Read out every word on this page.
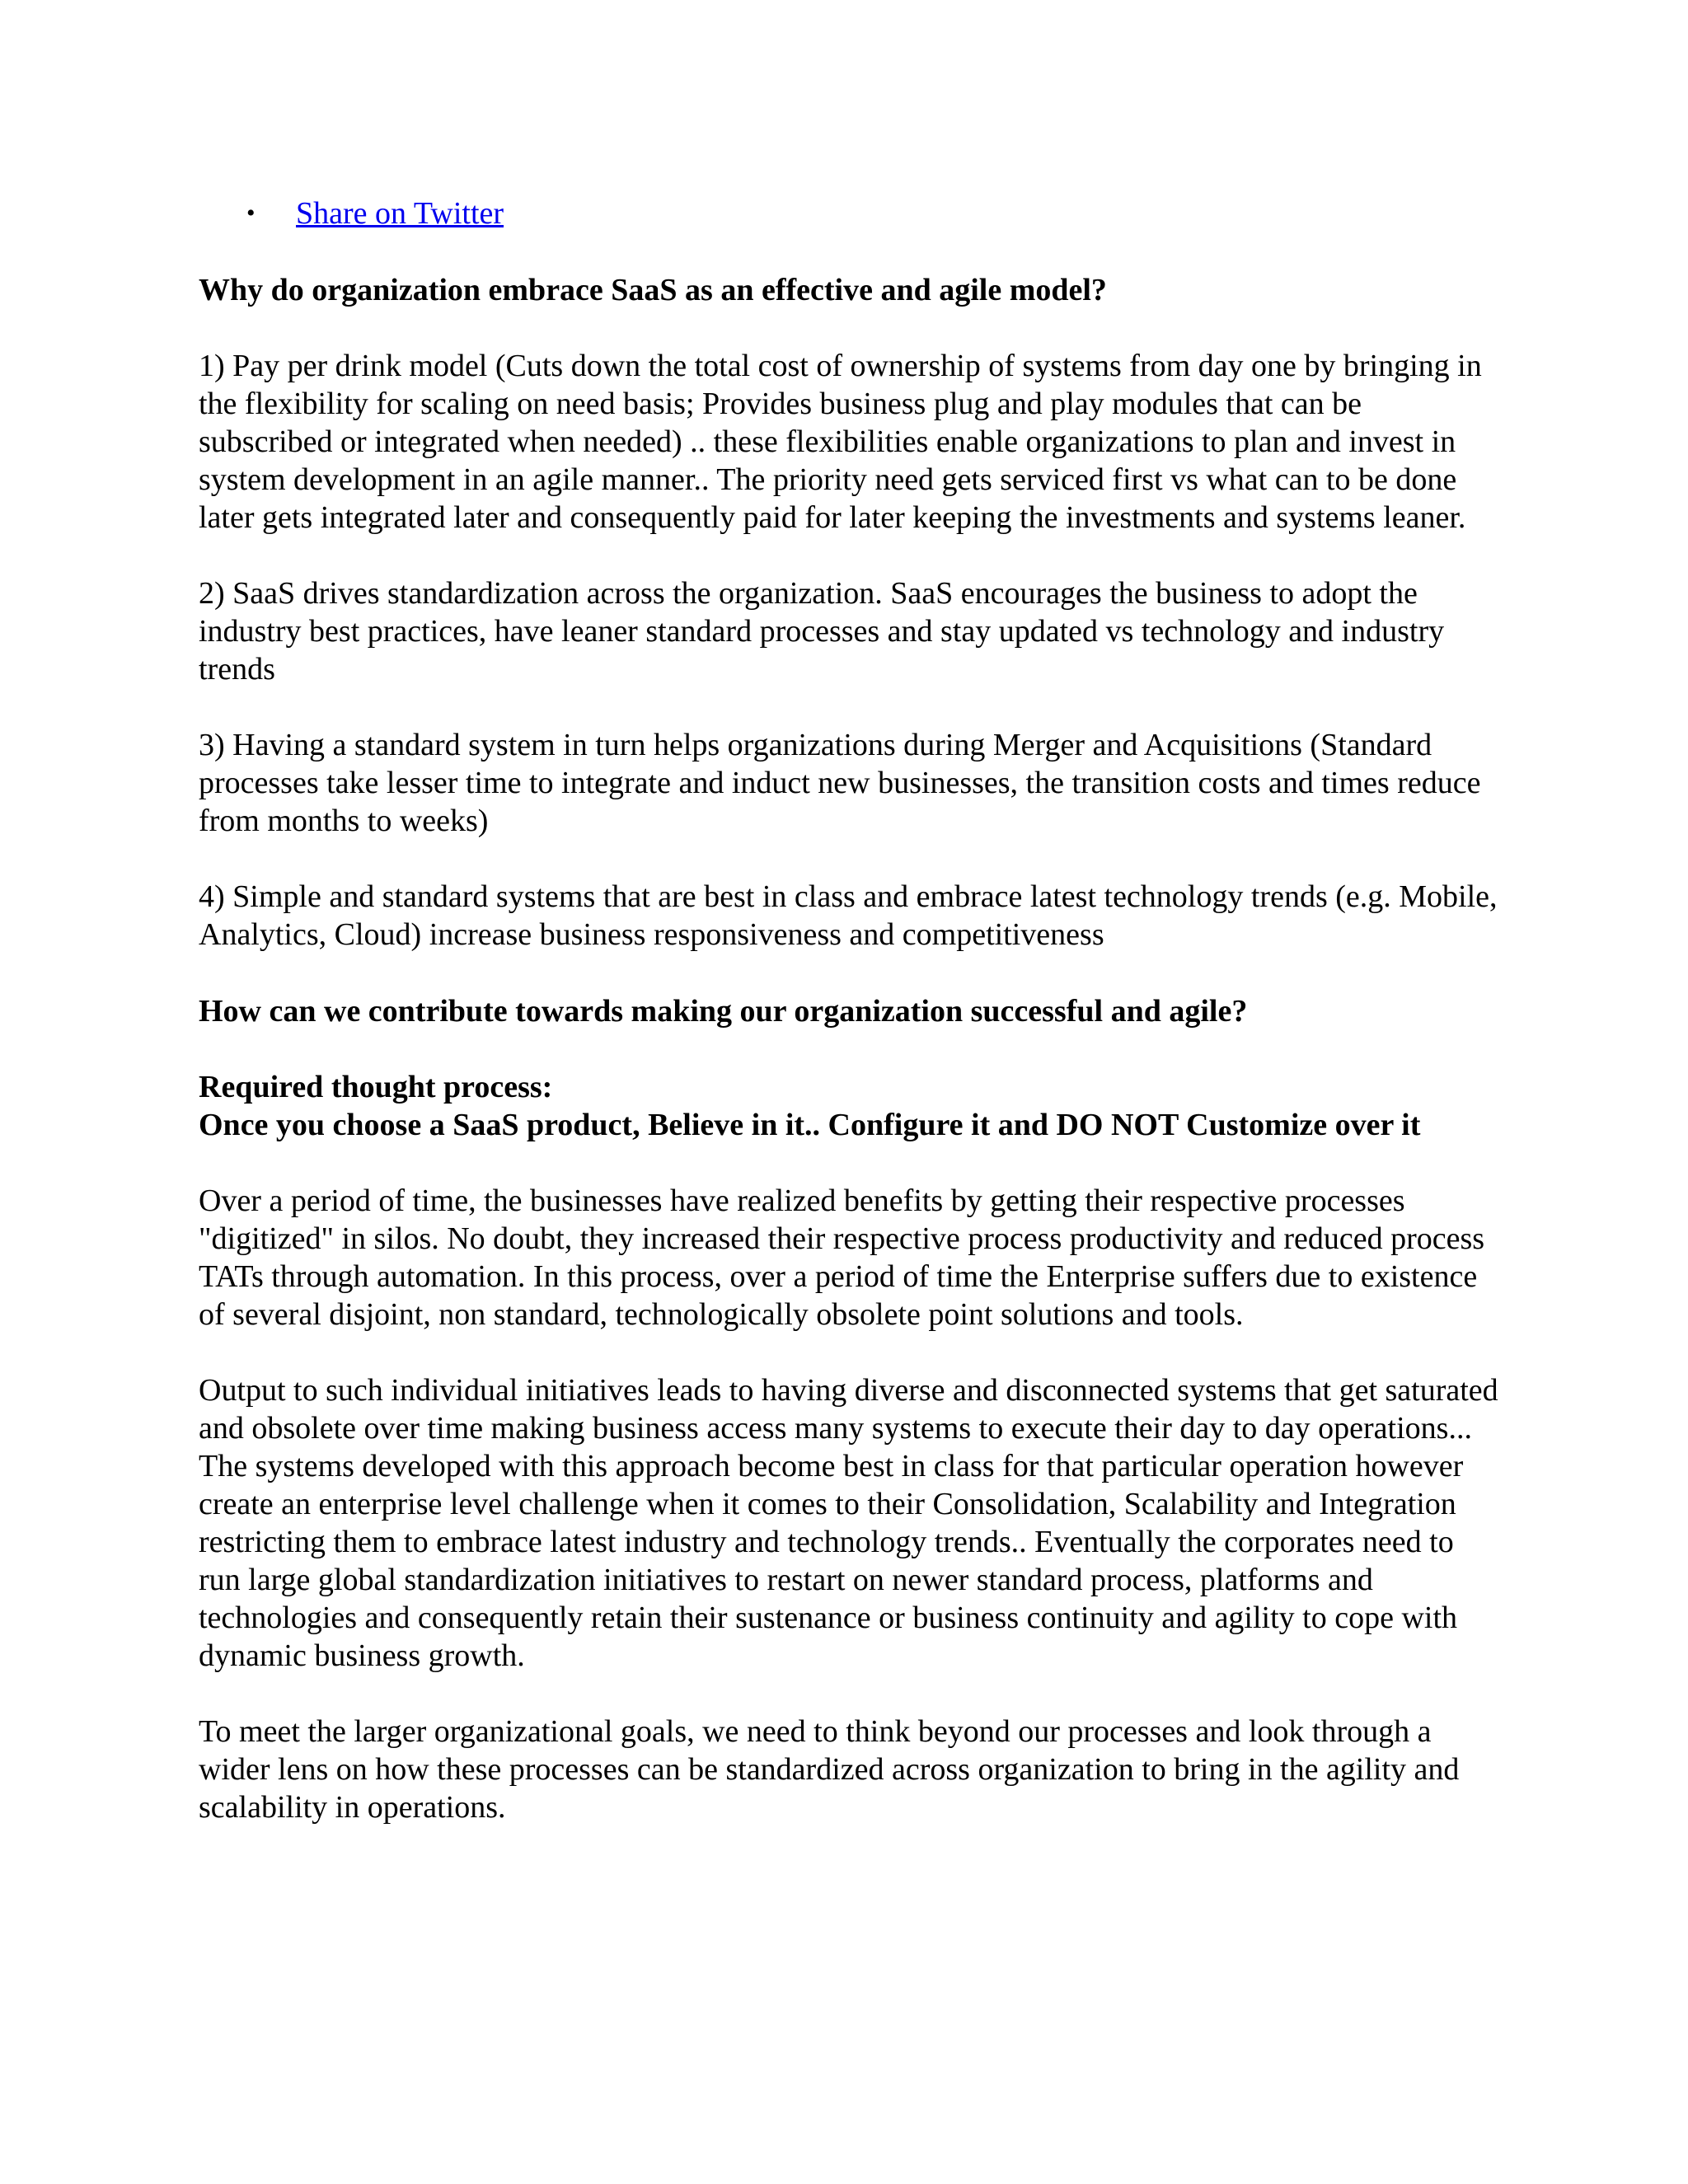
• Share on Twitter

Why do organization embrace SaaS as an effective and agile model?

1) Pay per drink model (Cuts down the total cost of ownership of systems from day one by bringing in the flexibility for scaling on need basis; Provides business plug and play modules that can be subscribed or integrated when needed) .. these flexibilities enable organizations to plan and invest in system development in an agile manner.. The priority need gets serviced first vs what can to be done later gets integrated later and consequently paid for later keeping the investments and systems leaner.

2) SaaS drives standardization across the organization. SaaS encourages the business to adopt the industry best practices, have leaner standard processes and stay updated vs technology and industry trends

3) Having a standard system in turn helps organizations during Merger and Acquisitions (Standard processes take lesser time to integrate and induct new businesses, the transition costs and times reduce from months to weeks)

4) Simple and standard systems that are best in class and embrace latest technology trends (e.g. Mobile, Analytics, Cloud) increase business responsiveness and competitiveness

How can we contribute towards making our organization successful and agile?

Required thought process:
Once you choose a SaaS product, Believe in it.. Configure it and DO NOT Customize over it

Over a period of time, the businesses have realized benefits by getting their respective processes "digitized" in silos. No doubt, they increased their respective process productivity and reduced process TATs through automation. In this process, over a period of time the Enterprise suffers due to existence of several disjoint, non standard, technologically obsolete point solutions and tools.

Output to such individual initiatives leads to having diverse and disconnected systems that get saturated and obsolete over time making business access many systems to execute their day to day operations... The systems developed with this approach become best in class for that particular operation however create an enterprise level challenge when it comes to their Consolidation, Scalability and Integration restricting them to embrace latest industry and technology trends.. Eventually the corporates need to run large global standardization initiatives to restart on newer standard process, platforms and technologies and consequently retain their sustenance or business continuity and agility to cope with dynamic business growth.

To meet the larger organizational goals, we need to think beyond our processes and look through a wider lens on how these processes can be standardized across organization to bring in the agility and scalability in operations.
